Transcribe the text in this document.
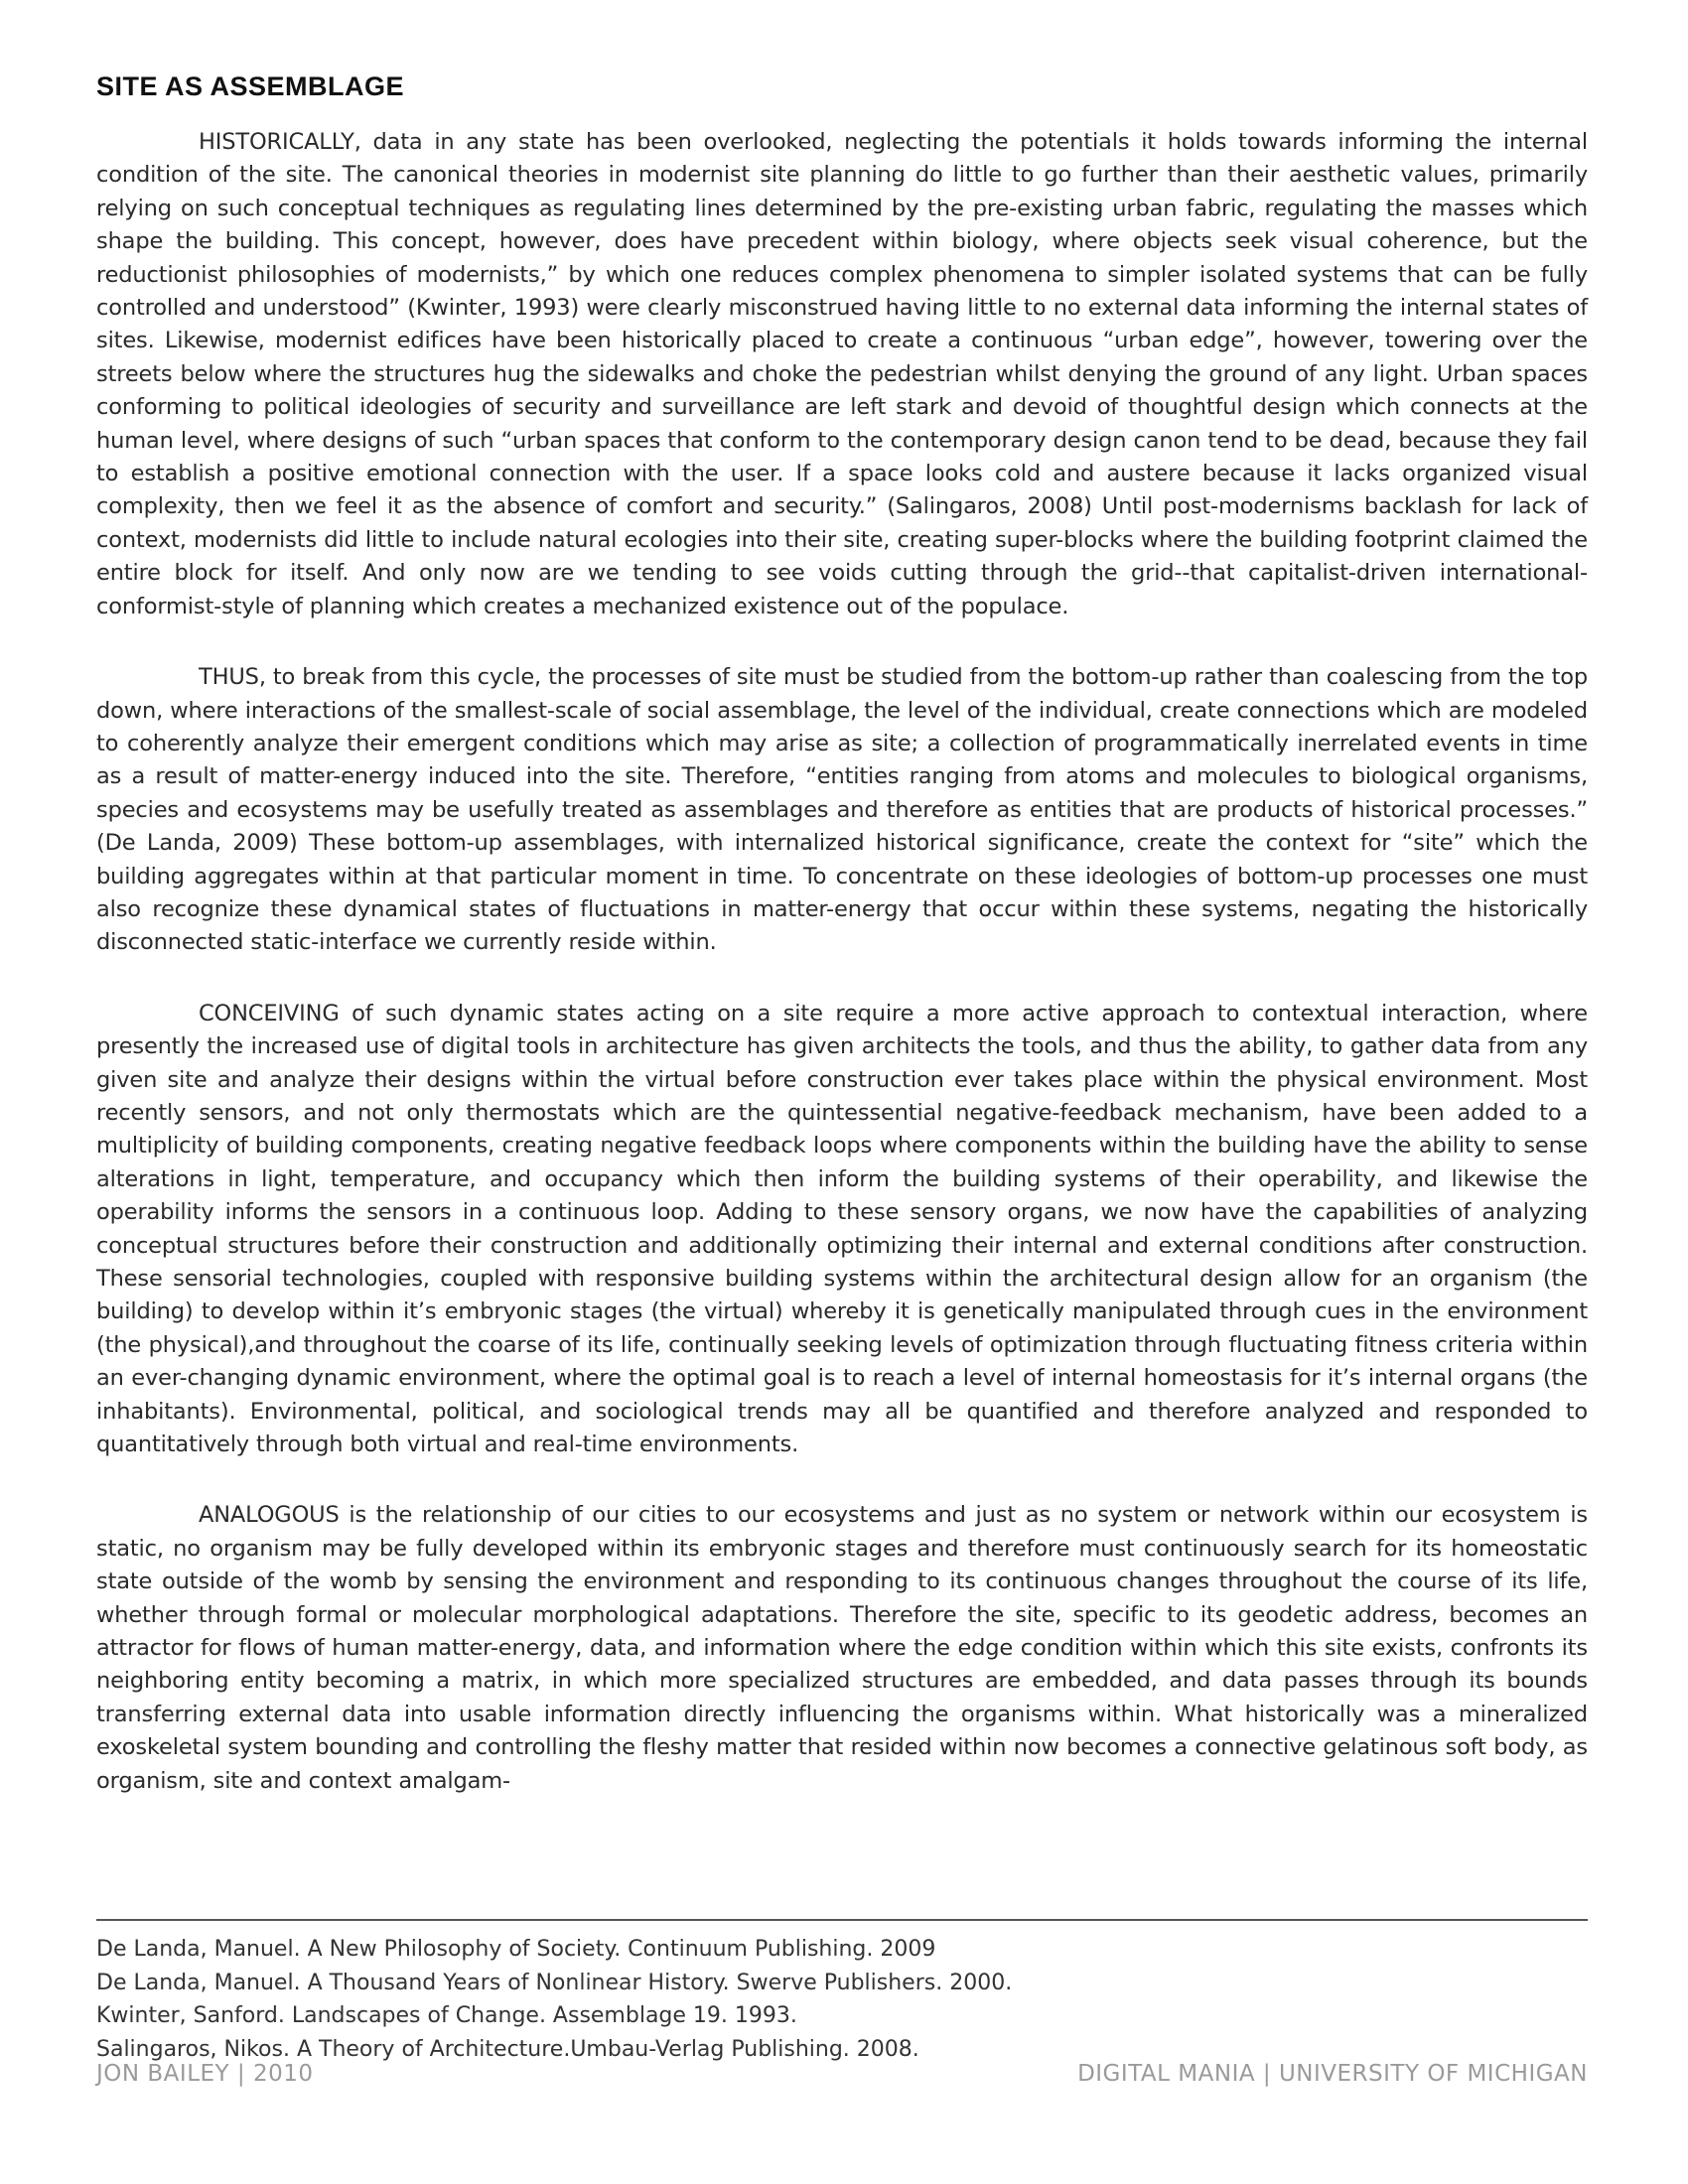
SITE AS ASSEMBLAGE

HISTORICALLY, data in any state has been overlooked, neglecting the potentials it holds towards informing the internal condition of the site. The canonical theories in modernist site planning do little to go further than their aesthetic values, primarily relying on such conceptual techniques as regulating lines determined by the pre-existing urban fabric, regulating the masses which shape the building. This concept, however, does have precedent within biology, where objects seek visual coherence, but the reductionist philosophies of modernists,” by which one reduces complex phenomena to simpler isolated systems that can be fully controlled and understood” (Kwinter, 1993) were clearly misconstrued having little to no external data informing the internal states of sites. Likewise, modernist edifices have been historically placed to create a continuous “urban edge”, however, towering over the streets below where the structures hug the sidewalks and choke the pedestrian whilst denying the ground of any light. Urban spaces conforming to political ideologies of security and surveillance are left stark and devoid of thoughtful design which connects at the human level, where designs of such “urban spaces that conform to the contemporary design canon tend to be dead, because they fail to establish a positive emotional connection with the user. If a space looks cold and austere because it lacks organized visual complexity, then we feel it as the absence of comfort and security.” (Salingaros, 2008) Until post-modernisms backlash for lack of context, modernists did little to include natural ecologies into their site, creating super-blocks where the building footprint claimed the entire block for itself. And only now are we tending to see voids cutting through the grid--that capitalist-driven international-conformist-style of planning which creates a mechanized existence out of the populace.

THUS, to break from this cycle, the processes of site must be studied from the bottom-up rather than coalescing from the top down, where interactions of the smallest-scale of social assemblage, the level of the individual, create connections which are modeled to coherently analyze their emergent conditions which may arise as site; a collection of programmatically inerrelated events in time as a result of matter-energy induced into the site. Therefore, “entities ranging from atoms and molecules to biological organisms, species and ecosystems may be usefully treated as assemblages and therefore as entities that are products of historical processes.” (De Landa, 2009) These bottom-up assemblages, with internalized historical significance, create the context for “site” which the building aggregates within at that particular moment in time. To concentrate on these ideologies of bottom-up processes one must also recognize these dynamical states of fluctuations in matter-energy that occur within these systems, negating the historically disconnected static-interface we currently reside within.

CONCEIVING of such dynamic states acting on a site require a more active approach to contextual interaction, where presently the increased use of digital tools in architecture has given architects the tools, and thus the ability, to gather data from any given site and analyze their designs within the virtual before construction ever takes place within the physical environment. Most recently sensors, and not only thermostats which are the quintessential negative-feedback mechanism, have been added to a multiplicity of building components, creating negative feedback loops where components within the building have the ability to sense alterations in light, temperature, and occupancy which then inform the building systems of their operability, and likewise the operability informs the sensors in a continuous loop. Adding to these sensory organs, we now have the capabilities of analyzing conceptual structures before their construction and additionally optimizing their internal and external conditions after construction. These sensorial technologies, coupled with responsive building systems within the architectural design allow for an organism (the building) to develop within it’s embryonic stages (the virtual) whereby it is genetically manipulated through cues in the environment (the physical),and throughout the coarse of its life, continually seeking levels of optimization through fluctuating fitness criteria within an ever-changing dynamic environment, where the optimal goal is to reach a level of internal homeostasis for it’s internal organs (the inhabitants). Environmental, political, and sociological trends may all be quantified and therefore analyzed and responded to quantitatively through both virtual and real-time environments.

ANALOGOUS is the relationship of our cities to our ecosystems and just as no system or network within our ecosystem is static, no organism may be fully developed within its embryonic stages and therefore must continuously search for its homeostatic state outside of the womb by sensing the environment and responding to its continuous changes throughout the course of its life, whether through formal or molecular morphological adaptations. Therefore the site, specific to its geodetic address, becomes an attractor for flows of human matter-energy, data, and information where the edge condition within which this site exists, confronts its neighboring entity becoming a matrix, in which more specialized structures are embedded, and data passes through its bounds transferring external data into usable information directly influencing the organisms within. What historically was a mineralized exoskeletal system bounding and controlling the fleshy matter that resided within now becomes a connective gelatinous soft body, as organism, site and context amalgam-

De Landa, Manuel. A New Philosophy of Society. Continuum Publishing. 2009
De Landa, Manuel. A Thousand Years of Nonlinear History. Swerve Publishers. 2000.
Kwinter, Sanford. Landscapes of Change. Assemblage 19. 1993.
Salingaros, Nikos. A Theory of Architecture.Umbau-Verlag Publishing. 2008.
JON BAILEY | 2010	DIGITAL MANIA | UNIVERSITY OF MICHIGAN
